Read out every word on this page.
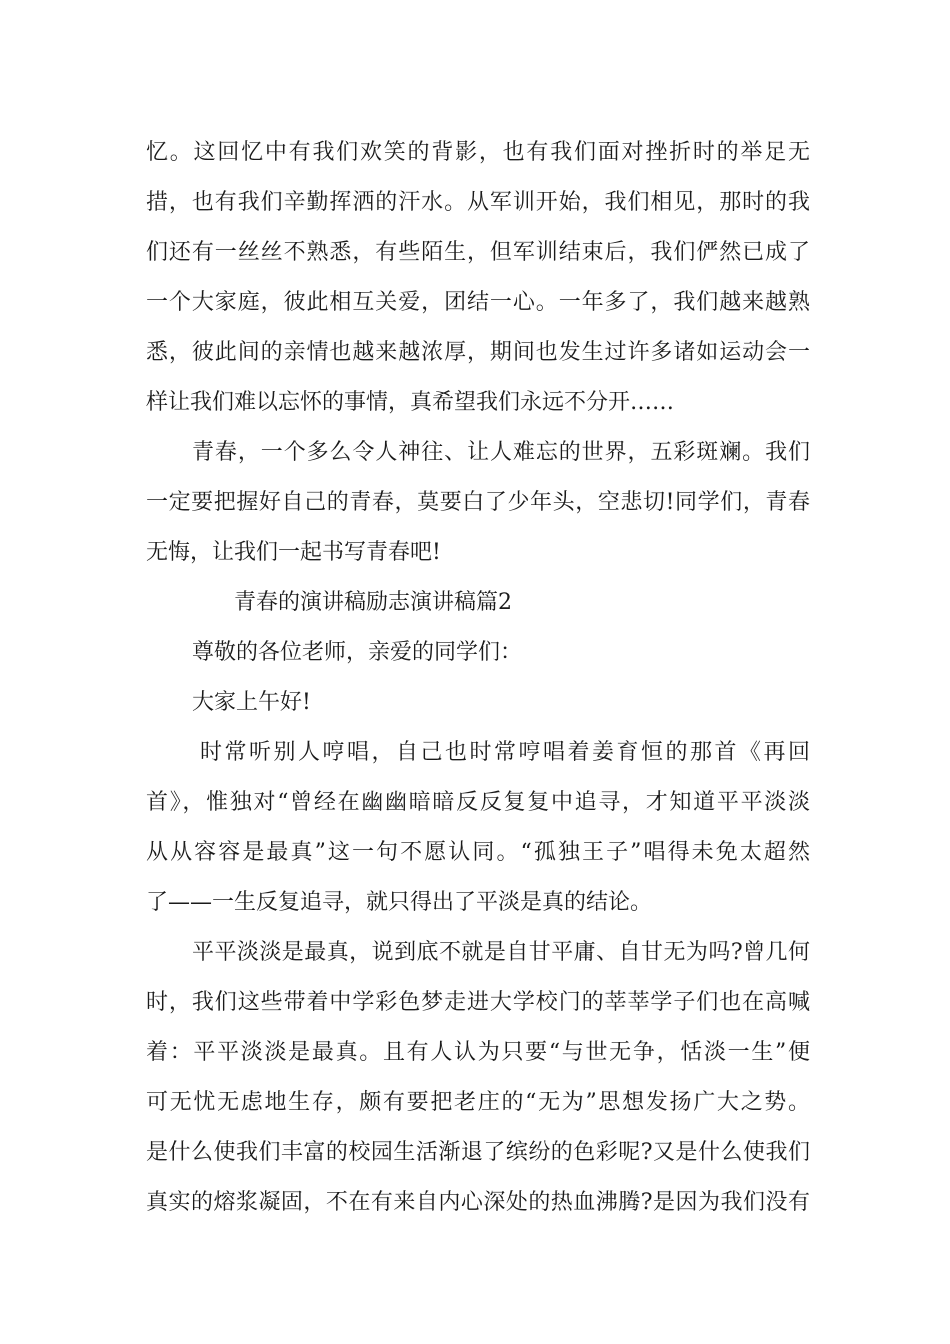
忆。这回忆中有我们欢笑的背影，也有我们面对挫折时的举足无
措，也有我们辛勤挥洒的汗水。从军训开始，我们相见，那时的我
们还有一丝丝不熟悉，有些陌生，但军训结束后，我们俨然已成了
一个大家庭，彼此相互关爱，团结一心。一年多了，我们越来越熟
悉，彼此间的亲情也越来越浓厚，期间也发生过许多诸如运动会一
样让我们难以忘怀的事情，真希望我们永远不分开……
青春，一个多么令人神往、让人难忘的世界，五彩斑斓。我们
一定要把握好自己的青春，莫要白了少年头，空悲切!同学们，青春
无悔，让我们一起书写青春吧!
青春的演讲稿励志演讲稿篇2
尊敬的各位老师，亲爱的同学们：
大家上午好!
时常听别人哼唱，自己也时常哼唱着姜育恒的那首《再回
首》，惟独对“曾经在幽幽暗暗反反复复中追寻，才知道平平淡淡
从从容容是最真”这一句不愿认同。“孤独王子”唱得未免太超然
了——一生反复追寻，就只得出了平淡是真的结论。
平平淡淡是最真，说到底不就是自甘平庸、自甘无为吗?曾几何
时，我们这些带着中学彩色梦走进大学校门的莘莘学子们也在高喊
着：平平淡淡是最真。且有人认为只要“与世无争，恬淡一生”便
可无忧无虑地生存，颇有要把老庄的“无为”思想发扬广大之势。
是什么使我们丰富的校园生活渐退了缤纷的色彩呢?又是什么使我们
真实的熔浆凝固，不在有来自内心深处的热血沸腾?是因为我们没有
